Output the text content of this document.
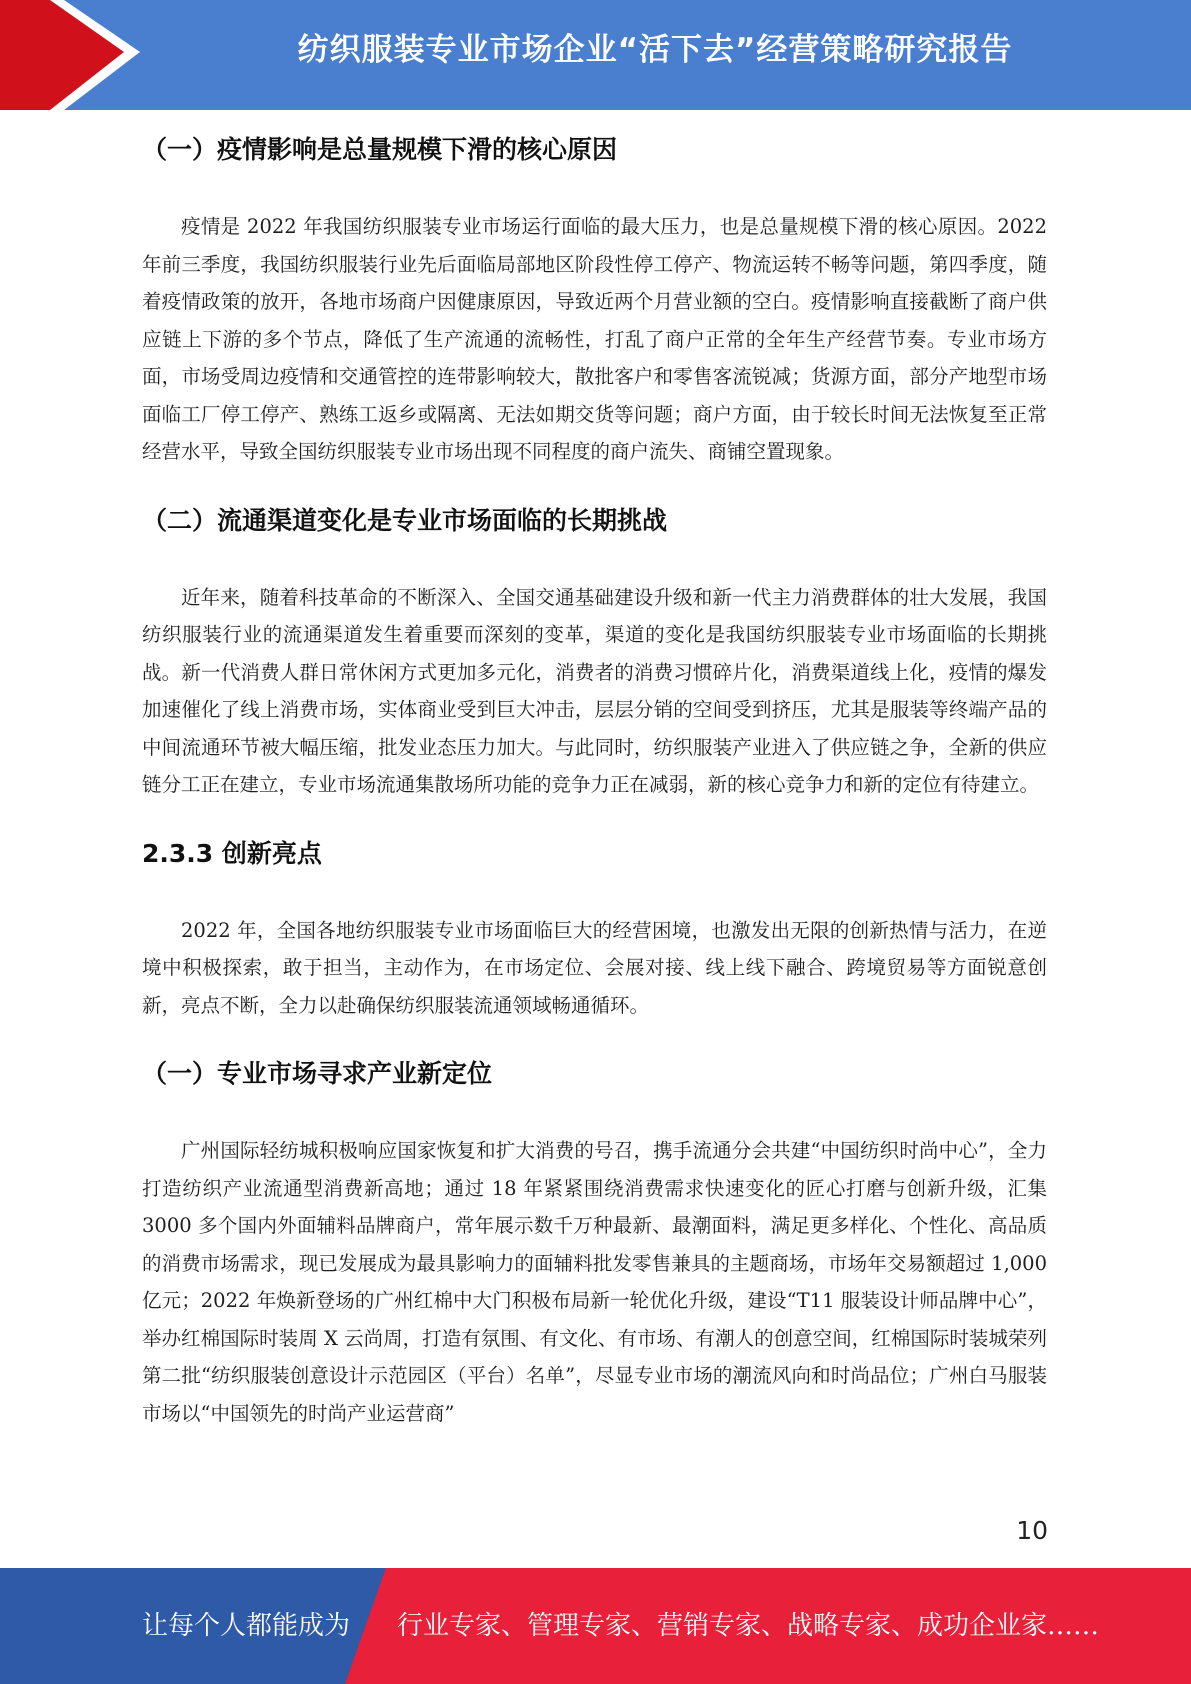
纺织服装专业市场企业“活下去”经营策略研究报告
（一）疫情影响是总量规模下滑的核心原因

疫情是 2022 年我国纺织服装专业市场运行面临的最大压力，也是总量规模下滑的核心原因。2022 年前三季度，我国纺织服装行业先后面临局部地区阶段性停工停产、物流运转不畅等问题，第四季度，随着疫情政策的放开，各地市场商户因健康原因，导致近两个月营业额的空白。疫情影响直接截断了商户供应链上下游的多个节点，降低了生产流通的流畅性，打乱了商户正常的全年生产经营节奏。专业市场方面，市场受周边疫情和交通管控的连带影响较大，散批客户和零售客流锐减；货源方面，部分产地型市场面临工厂停工停产、熟练工返乡或隔离、无法如期交货等问题；商户方面，由于较长时间无法恢复至正常经营水平，导致全国纺织服装专业市场出现不同程度的商户流失、商铺空置现象。

（二）流通渠道变化是专业市场面临的长期挑战

近年来，随着科技革命的不断深入、全国交通基础建设升级和新一代主力消费群体的壮大发展，我国纺织服装行业的流通渠道发生着重要而深刻的变革，渠道的变化是我国纺织服装专业市场面临的长期挑战。新一代消费人群日常休闲方式更加多元化，消费者的消费习惯碎片化，消费渠道线上化，疫情的爆发加速催化了线上消费市场，实体商业受到巨大冲击，层层分销的空间受到挤压，尤其是服装等终端产品的中间流通环节被大幅压缩，批发业态压力加大。与此同时，纺织服装产业进入了供应链之争，全新的供应链分工正在建立，专业市场流通集散场所功能的竞争力正在减弱，新的核心竞争力和新的定位有待建立。

2.3.3 创新亮点

2022 年，全国各地纺织服装专业市场面临巨大的经营困境，也激发出无限的创新热情与活力，在逆境中积极探索，敢于担当，主动作为，在市场定位、会展对接、线上线下融合、跨境贸易等方面锐意创新，亮点不断，全力以赴确保纺织服装流通领域畅通循环。

（一）专业市场寻求产业新定位

广州国际轻纺城积极响应国家恢复和扩大消费的号召，携手流通分会共建“中国纺织时尚中心”，全力打造纺织产业流通型消费新高地；通过 18 年紧紧围绕消费需求快速变化的匠心打磨与创新升级，汇集 3000 多个国内外面辅料品牌商户，常年展示数千万种最新、最潮面料，满足更多样化、个性化、高品质的消费市场需求，现已发展成为最具影响力的面辅料批发零售兼具的主题商场，市场年交易额超过 1,000 亿元；2022 年焕新登场的广州红棉中大门积极布局新一轮优化升级，建设“T11 服装设计师品牌中心”，举办红棉国际时装周 X 云尚周，打造有氛围、有文化、有市场、有潮人的创意空间，红棉国际时装城荣列第二批“纺织服装创意设计示范园区（平台）名单”，尽显专业市场的潮流风向和时尚品位；广州白马服装市场以“中国领先的时尚产业运营商”

10
让每个人都能成为 行业专家、管理专家、营销专家、战略专家、成功企业家……
